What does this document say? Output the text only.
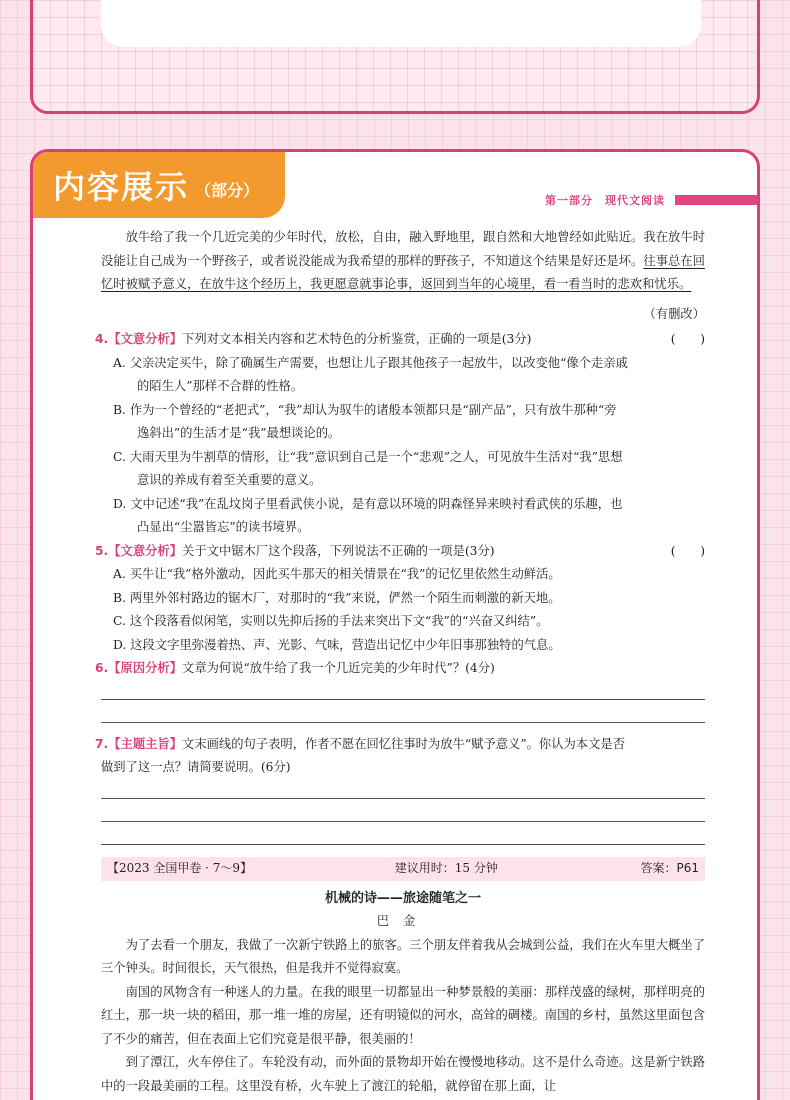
内容展示 （部分）
第一部分　现代文阅读

放牛给了我一个几近完美的少年时代，放松，自由，融入野地里，跟自然和大地曾经如此贴近。我在放牛时没能让自己成为一个野孩子，或者说没能成为我希望的那样的野孩子，不知道这个结果是好还是坏。往事总在回忆时被赋予意义，在放牛这个经历上，我更愿意就事论事，返回到当年的心境里，看一看当时的悲欢和忧乐。

（有删改）

4.【文意分析】下列对文本相关内容和艺术特色的分析鉴赏，正确的一项是(3分)	(　　)
A. 父亲决定买牛，除了确属生产需要，也想让儿子跟其他孩子一起放牛，以改变他“像个走亲戚
的陌生人”那样不合群的性格。
B. 作为一个曾经的“老把式”，“我”却认为驭牛的诸般本领都只是“副产品”，只有放牛那种“旁
逸斜出”的生活才是“我”最想谈论的。
C. 大雨天里为牛割草的情形，让“我”意识到自己是一个“悲观”之人，可见放牛生活对“我”思想
意识的养成有着至关重要的意义。
D. 文中记述“我”在乱坟岗子里看武侠小说，是有意以环境的阴森怪异来映衬看武侠的乐趣，也
凸显出“尘嚣皆忘”的读书境界。
5.【文意分析】关于文中锯木厂这个段落，下列说法不正确的一项是(3分)	(　　)
A. 买牛让“我”格外激动，因此买牛那天的相关情景在“我”的记忆里依然生动鲜活。
B. 两里外邻村路边的锯木厂，对那时的“我”来说，俨然一个陌生而刺激的新天地。
C. 这个段落看似闲笔，实则以先抑后扬的手法来突出下文“我”的“兴奋又纠结”。
D. 这段文字里弥漫着热、声、光影、气味，营造出记忆中少年旧事那独特的气息。
6.【原因分析】文章为何说“放牛给了我一个几近完美的少年时代”？(4分)
7.【主题主旨】文末画线的句子表明，作者不愿在回忆往事时为放牛“赋予意义”。你认为本文是否
做到了这一点？请简要说明。(6分)
【2023 全国甲卷 · 7～9】	建议用时：15 分钟	答案：P61
机械的诗——旅途随笔之一
巴金

为了去看一个朋友，我做了一次新宁铁路上的旅客。三个朋友伴着我从会城到公益，我们在火车里大概坐了三个钟头。时间很长，天气很热，但是我并不觉得寂寞。

南国的风物含有一种迷人的力量。在我的眼里一切都显出一种梦景般的美丽：那样茂盛的绿树，那样明亮的红土，那一块一块的稻田，那一堆一堆的房屋，还有明镜似的河水，高耸的碉楼。南国的乡村，虽然这里面包含了不少的痛苦，但在表面上它们究竟是很平静，很美丽的！

到了潭江，火车停住了。车轮没有动，而外面的景物却开始在慢慢地移动。这不是什么奇迹。这是新宁铁路中的一段最美丽的工程。这里没有桥，火车驶上了渡江的轮船，就停留在那上面，让
